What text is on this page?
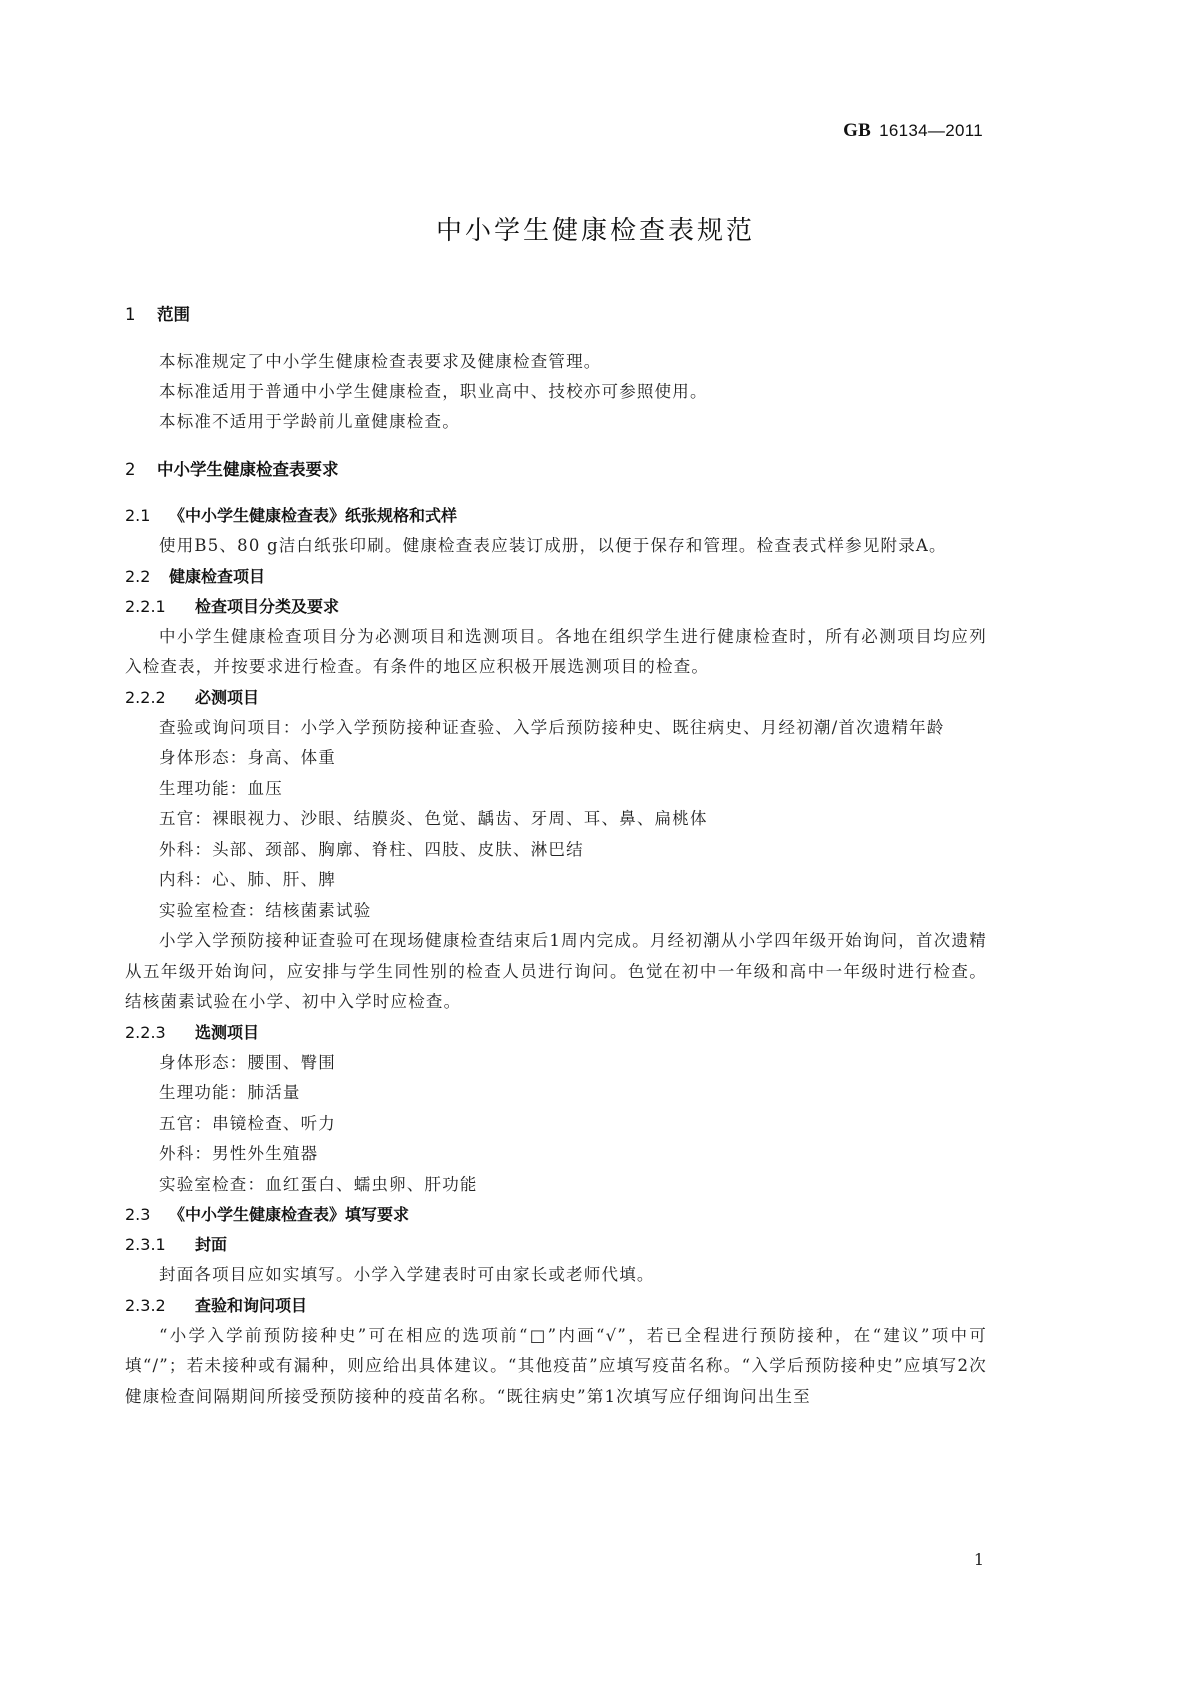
GB 16134—2011
中小学生健康检查表规范
1 范围
本标准规定了中小学生健康检查表要求及健康检查管理。
本标准适用于普通中小学生健康检查，职业高中、技校亦可参照使用。
本标准不适用于学龄前儿童健康检查。
2 中小学生健康检查表要求
2.1 《中小学生健康检查表》纸张规格和式样
使用B5、80 g洁白纸张印刷。健康检查表应装订成册，以便于保存和管理。检查表式样参见附录A。
2.2 健康检查项目
2.2.1 检查项目分类及要求
中小学生健康检查项目分为必测项目和选测项目。各地在组织学生进行健康检查时，所有必测项目均应列入检查表，并按要求进行检查。有条件的地区应积极开展选测项目的检查。
2.2.2 必测项目
查验或询问项目：小学入学预防接种证查验、入学后预防接种史、既往病史、月经初潮/首次遗精年龄
身体形态：身高、体重
生理功能：血压
五官：裸眼视力、沙眼、结膜炎、色觉、龋齿、牙周、耳、鼻、扁桃体
外科：头部、颈部、胸廓、脊柱、四肢、皮肤、淋巴结
内科：心、肺、肝、脾
实验室检查：结核菌素试验
小学入学预防接种证查验可在现场健康检查结束后1周内完成。月经初潮从小学四年级开始询问，首次遗精从五年级开始询问，应安排与学生同性别的检查人员进行询问。色觉在初中一年级和高中一年级时进行检查。结核菌素试验在小学、初中入学时应检查。
2.2.3 选测项目
身体形态：腰围、臀围
生理功能：肺活量
五官：串镜检查、听力
外科：男性外生殖器
实验室检查：血红蛋白、蠕虫卵、肝功能
2.3 《中小学生健康检查表》填写要求
2.3.1 封面
封面各项目应如实填写。小学入学建表时可由家长或老师代填。
2.3.2 查验和询问项目
“小学入学前预防接种史”可在相应的选项前“□”内画“√”，若已全程进行预防接种，在“建议”项中可填“/”；若未接种或有漏种，则应给出具体建议。“其他疫苗”应填写疫苗名称。“入学后预防接种史”应填写2次健康检查间隔期间所接受预防接种的疫苗名称。“既往病史”第1次填写应仔细询问出生至
1
